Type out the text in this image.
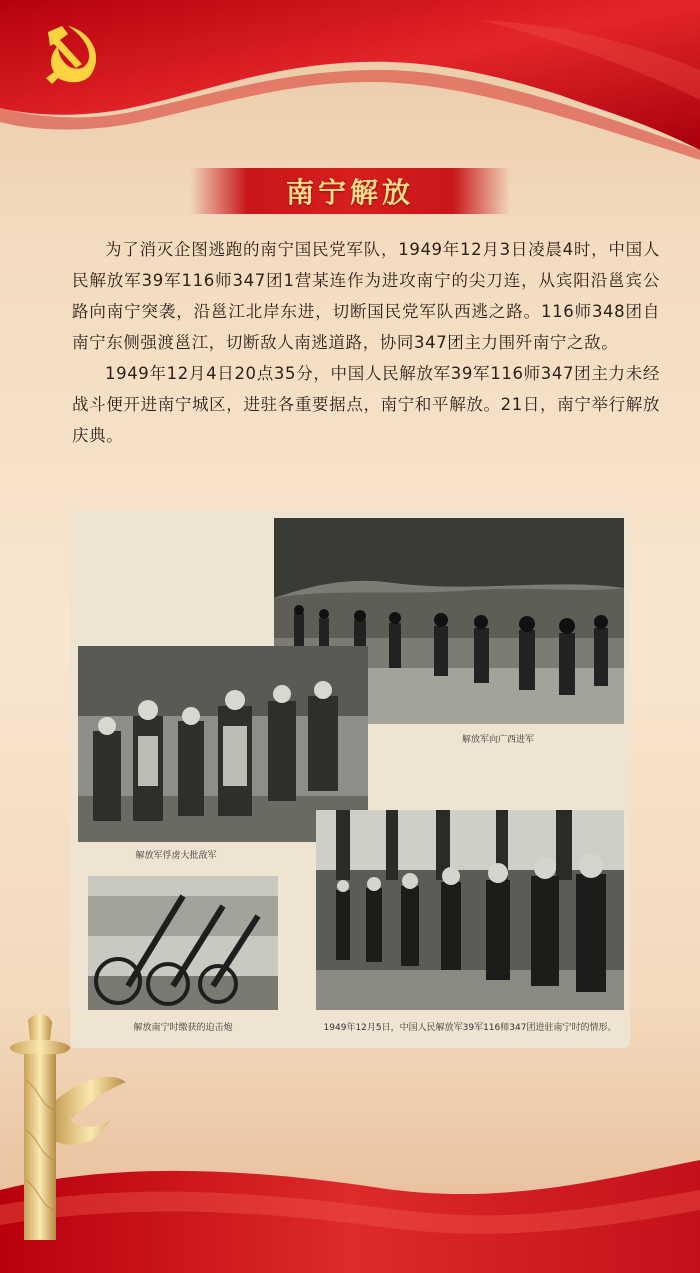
南宁解放

为了消灭企图逃跑的南宁国民党军队，1949年12月3日凌晨4时，中国人民解放军39军116师347团1营某连作为进攻南宁的尖刀连，从宾阳沿邕宾公路向南宁突袭，沿邕江北岸东进，切断国民党军队西逃之路。116师348团自南宁东侧强渡邕江，切断敌人南逃道路，协同347团主力围歼南宁之敌。

1949年12月4日20点35分，中国人民解放军39军116师347团主力未经战斗便开进南宁城区，进驻各重要据点，南宁和平解放。21日，南宁举行解放庆典。

解放军向广西进军
解放军俘虏大批敌军
解放南宁时缴获的迫击炮	1949年12月5日，中国人民解放军39军116师347团进驻南宁时的情形。
